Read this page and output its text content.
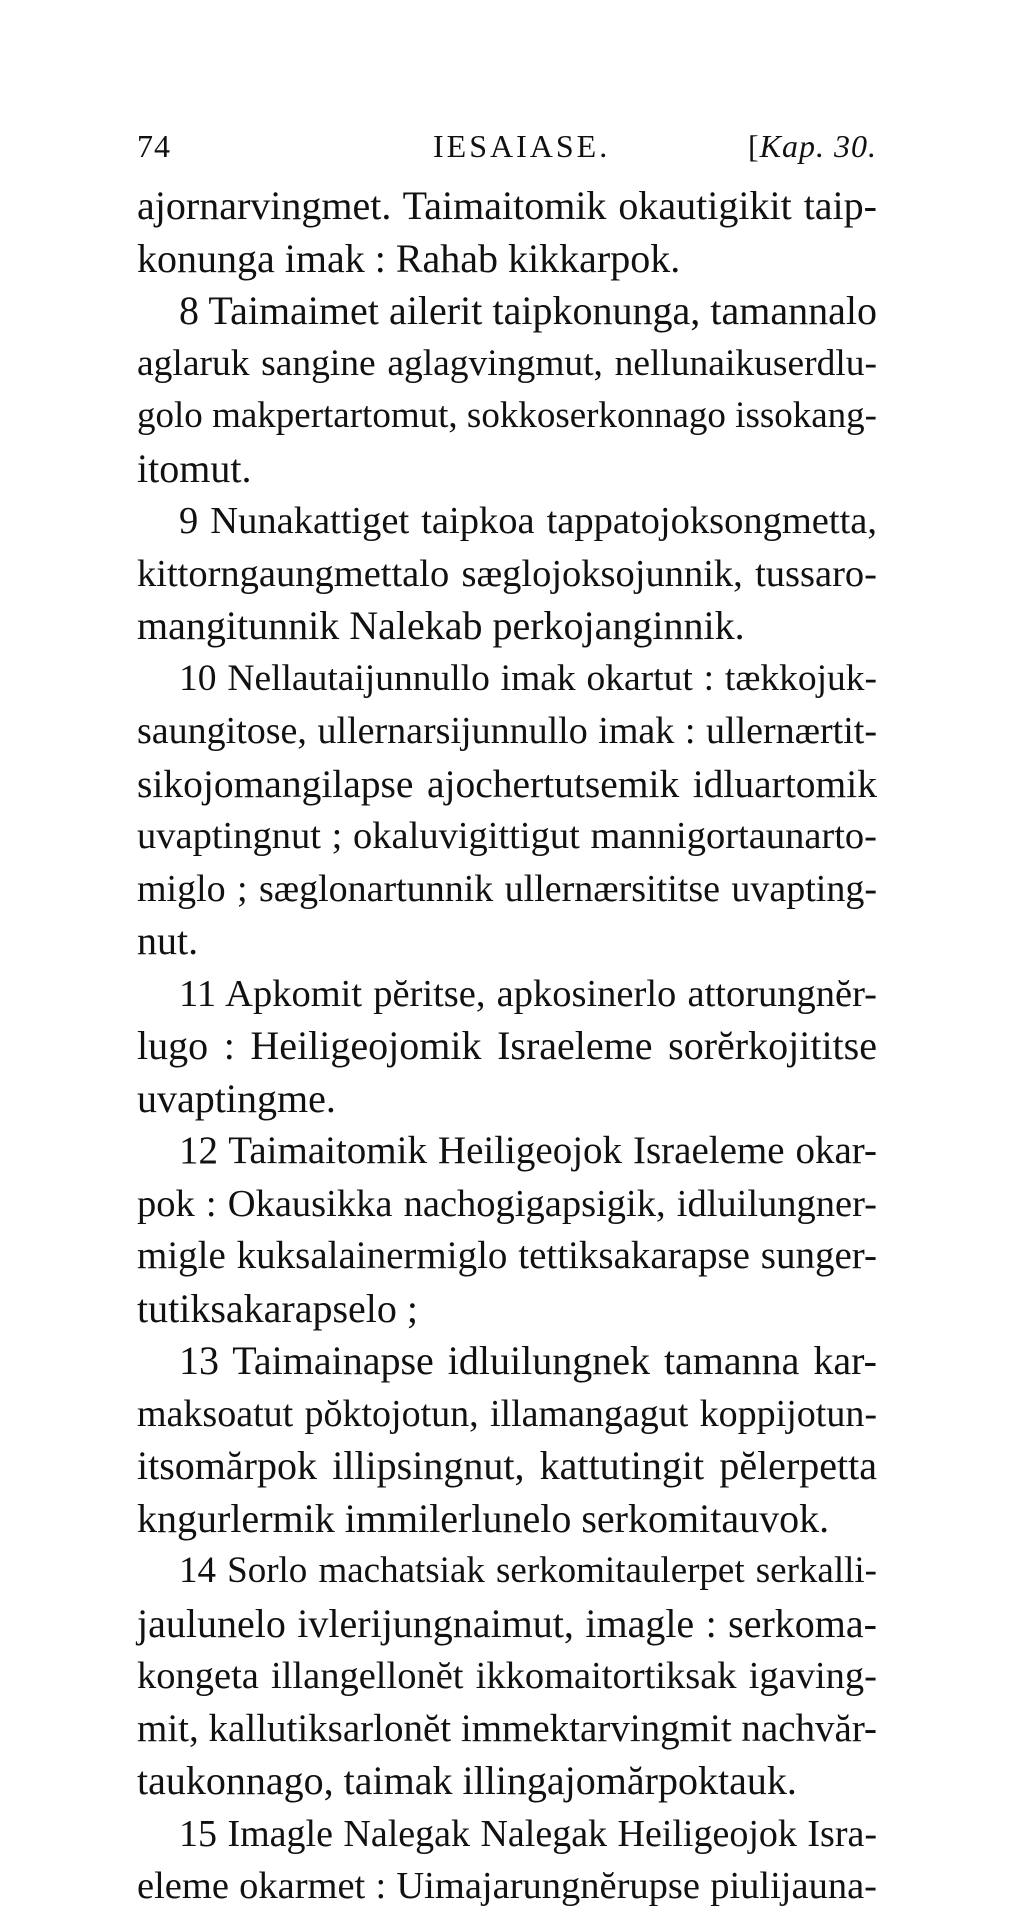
74	IESAIASE.	[Kap. 30.
ajornarvingmet. Taimaitomik okautigikit taip-
konunga imak : Rahab kikkarpok.
8 Taimaimet ailerit taipkonunga, tamannalo
aglaruk sangine aglagvingmut, nellunaikuserdlu-
golo makpertartomut, sokkoserkonnago issokang-
itomut.
9 Nunakattiget taipkoa tappatojoksongmetta,
kittorngaungmettalo sæglojoksojunnik, tussaro-
mangitunnik Nalekab perkojanginnik.
10 Nellautaijunnullo imak okartut : tækkojuk-
saungitose, ullernarsijunnullo imak : ullernærtit-
sikojomangilapse ajochertutsemik idluartomik
uvaptingnut ; okaluvigittigut mannigortaunarto-
miglo ; sæglonartunnik ullernærsititse uvapting-
nut.
11 Apkomit pĕritse, apkosinerlo attorungnĕr-
lugo : Heiligeojomik Israeleme sorĕrkojititse
uvaptingme.
12 Taimaitomik Heiligeojok Israeleme okar-
pok : Okausikka nachogigapsigik, idluilungner-
migle kuksalainermiglo tettiksakarapse sunger-
tutiksakarapselo ;
13 Taimainapse idluilungnek tamanna kar-
maksoatut pŏktojotun, illamangagut koppijotun-
itsomărpok illipsingnut, kattutingit pĕlerpetta
kngurlermik immilerlunelo serkomitauvok.
14 Sorlo machatsiak serkomitaulerpet serkalli-
jaulunelo ivlerijungnaimut, imagle : serkoma-
kongeta illangellonĕt ikkomaitortiksak igaving-
mit, kallutiksarlonĕt immektarvingmit nachvăr-
taukonnago, taimak illingajomărpoktauk.
15 Imagle Nalegak Nalegak Heiligeojok Isra-
eleme okarmet : Uimajarungnĕrupse piulijauna-
